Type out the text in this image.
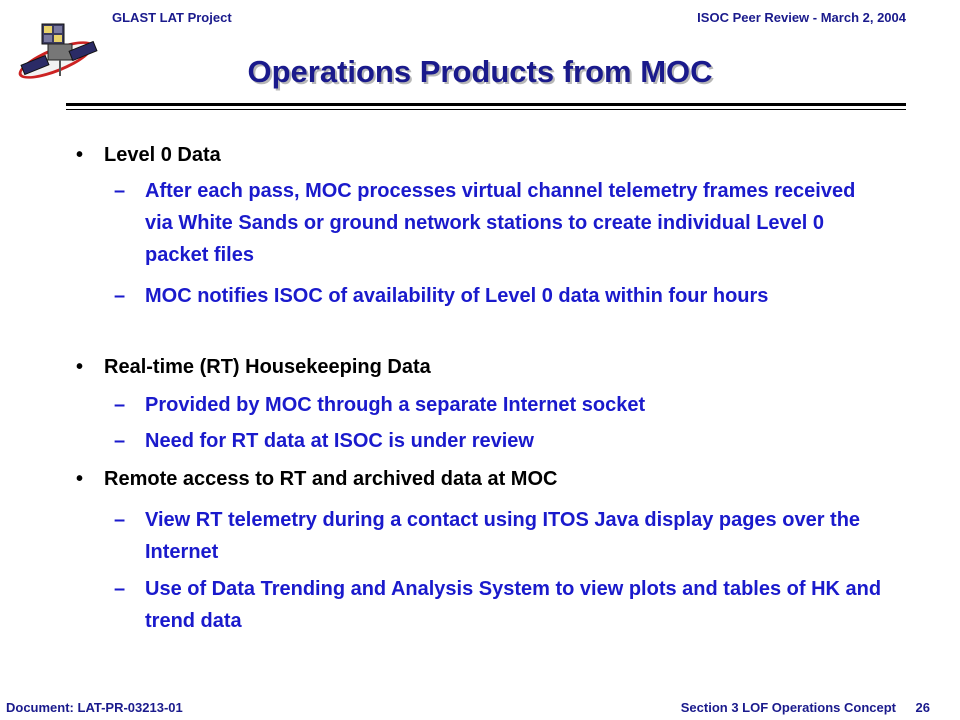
GLAST LAT Project	ISOC Peer Review - March 2, 2004
Operations Products from MOC
• Level 0 Data
– After each pass, MOC processes virtual channel telemetry frames received via White Sands or ground network stations to create individual Level 0 packet files
– MOC notifies ISOC of availability of Level 0 data within four hours
• Real-time (RT) Housekeeping Data
– Provided by MOC through a separate Internet socket
– Need for RT data at ISOC is under review
• Remote access to RT and archived data at MOC
– View RT telemetry during a contact using ITOS Java display pages over the Internet
– Use of Data Trending and Analysis System to view plots and tables of HK and trend data
Document: LAT-PR-03213-01	Section 3 LOF Operations Concept 26
